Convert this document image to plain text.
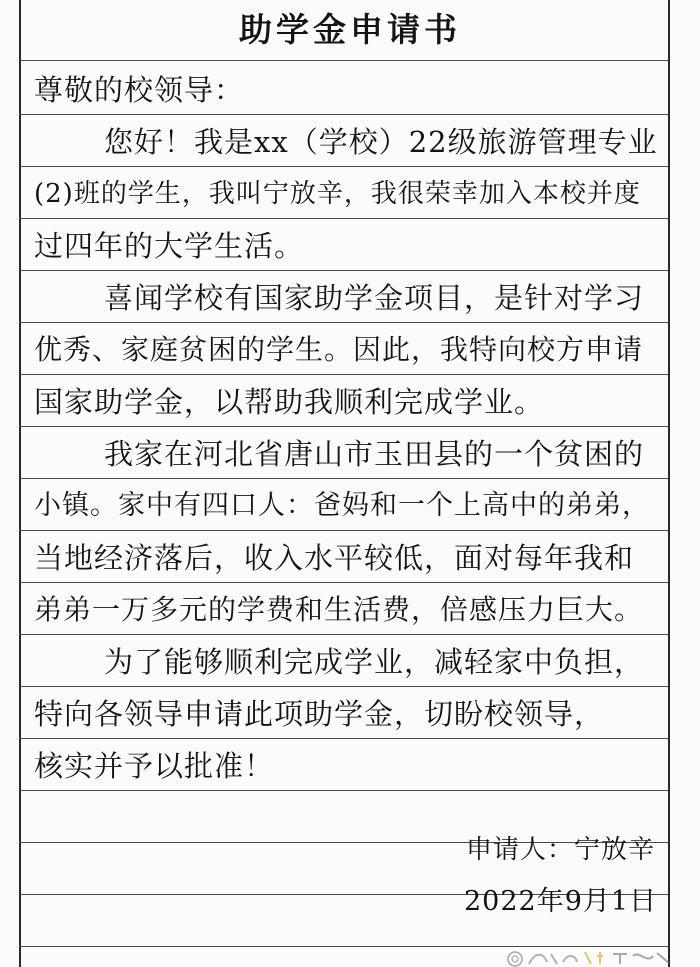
助学金申请书
尊敬的校领导：
您好！我是xx（学校）22级旅游管理专业
(2)班的学生，我叫宁放辛，我很荣幸加入本校并度
过四年的大学生活。
喜闻学校有国家助学金项目，是针对学习
优秀、家庭贫困的学生。因此，我特向校方申请
国家助学金，以帮助我顺利完成学业。
我家在河北省唐山市玉田县的一个贫困的
小镇。家中有四口人：爸妈和一个上高中的弟弟，
当地经济落后，收入水平较低，面对每年我和
弟弟一万多元的学费和生活费，倍感压力巨大。
为了能够顺利完成学业，减轻家中负担，
特向各领导申请此项助学金，切盼校领导，
核实并予以批准！
申请人：宁放辛
2022年9月1日
